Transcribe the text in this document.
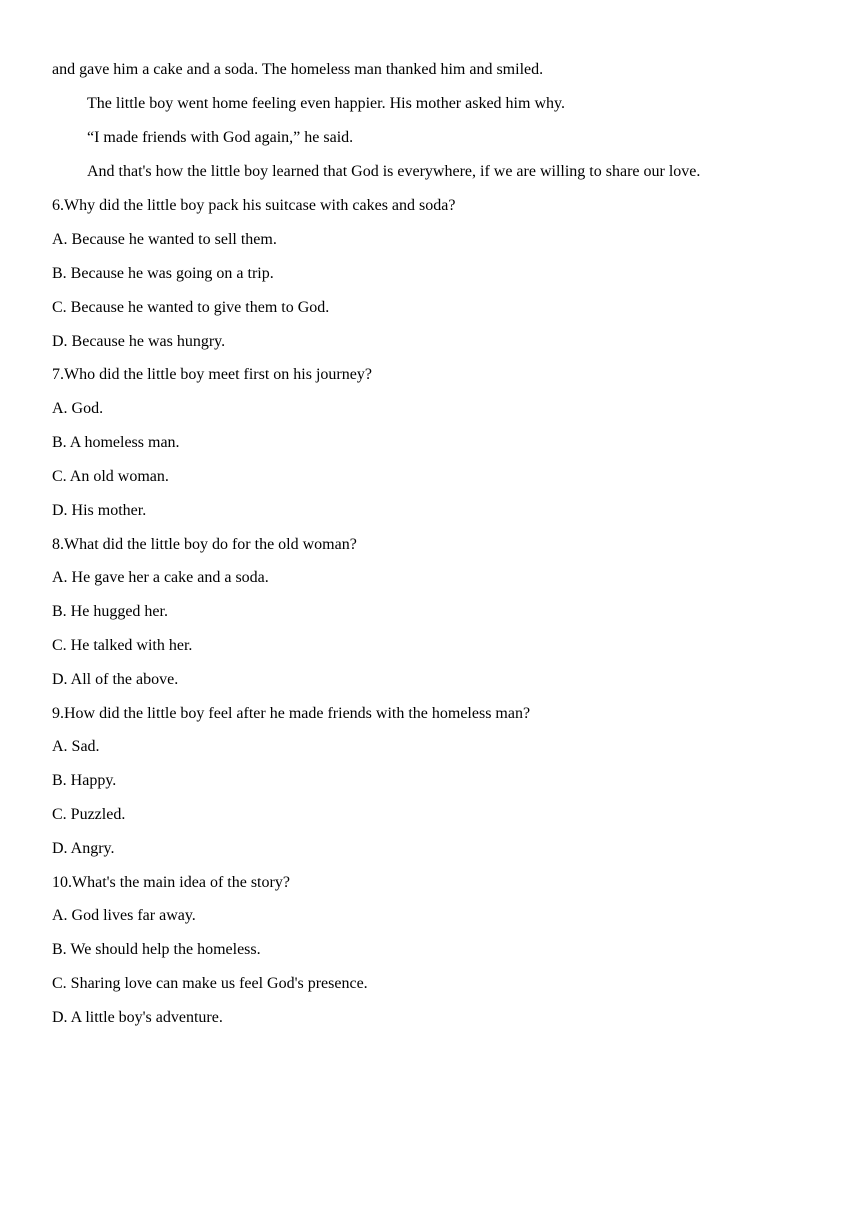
and gave him a cake and a soda. The homeless man thanked him and smiled.
The little boy went home feeling even happier. His mother asked him why.
“I made friends with God again,” he said.
And that's how the little boy learned that God is everywhere, if we are willing to share our love.
6.Why did the little boy pack his suitcase with cakes and soda?
A. Because he wanted to sell them.
B. Because he was going on a trip.
C. Because he wanted to give them to God.
D. Because he was hungry.
7.Who did the little boy meet first on his journey?
A. God.
B. A homeless man.
C. An old woman.
D. His mother.
8.What did the little boy do for the old woman?
A. He gave her a cake and a soda.
B. He hugged her.
C. He talked with her.
D. All of the above.
9.How did the little boy feel after he made friends with the homeless man?
A. Sad.
B. Happy.
C. Puzzled.
D. Angry.
10.What's the main idea of the story?
A. God lives far away.
B. We should help the homeless.
C. Sharing love can make us feel God's presence.
D. A little boy's adventure.
